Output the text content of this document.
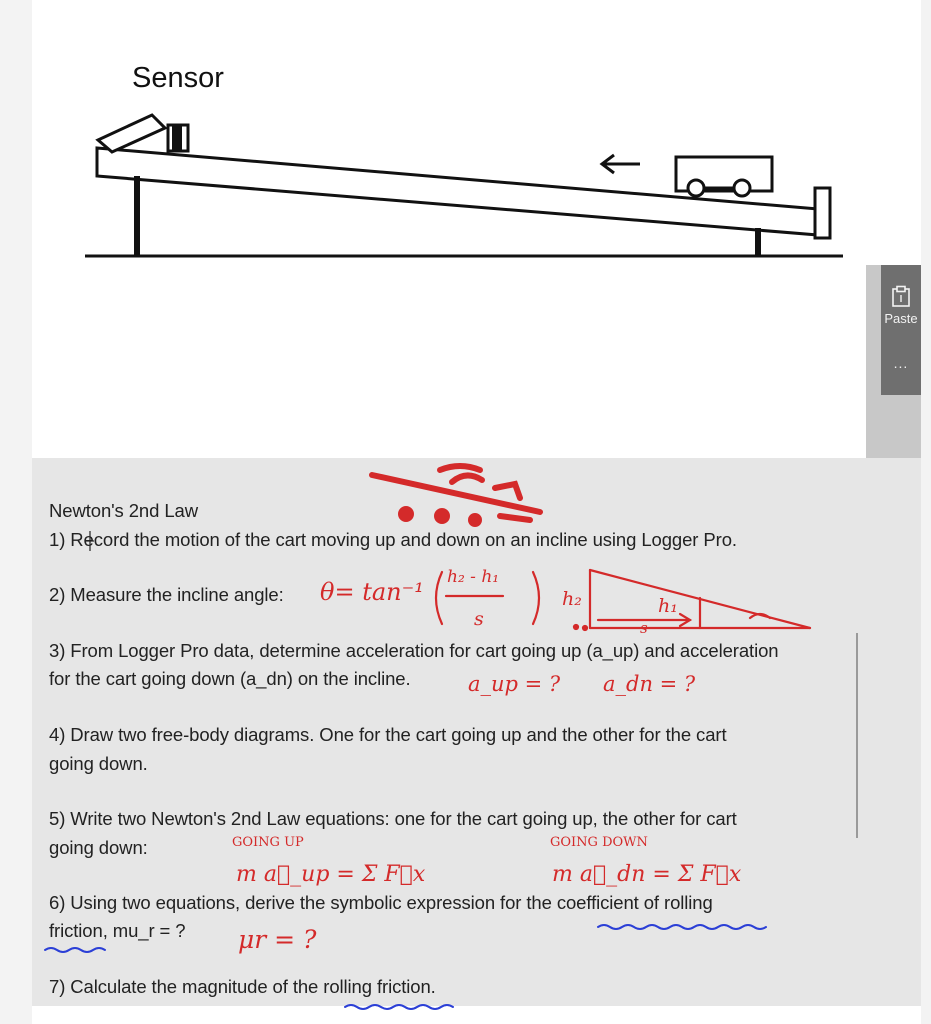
Sensor
Paste
...
Newton's 2nd Law
1) Record the motion of the cart moving up and down on an incline using Logger Pro.
2) Measure the incline angle:
3) From Logger Pro data, determine acceleration for cart going up (a_up) and acceleration
for the cart going down (a_dn) on the incline.
4) Draw two free-body diagrams. One for the cart going up and the other for the cart
going down.
5) Write two Newton's 2nd Law equations: one for the cart going up, the other for cart
going down:
6) Using two equations, derive the symbolic expression for the coefficient of rolling
friction, mu_r = ?
7) Calculate the magnitude of the rolling friction.
θ= tan⁻¹
h₂ - h₁
s
h₂	h₁
s
a_up = ? a_dn = ?
GOING UP	GOING DOWN
m a⃗_up = Σ F⃗x	m a⃗_dn = Σ F⃗x
μr = ?
